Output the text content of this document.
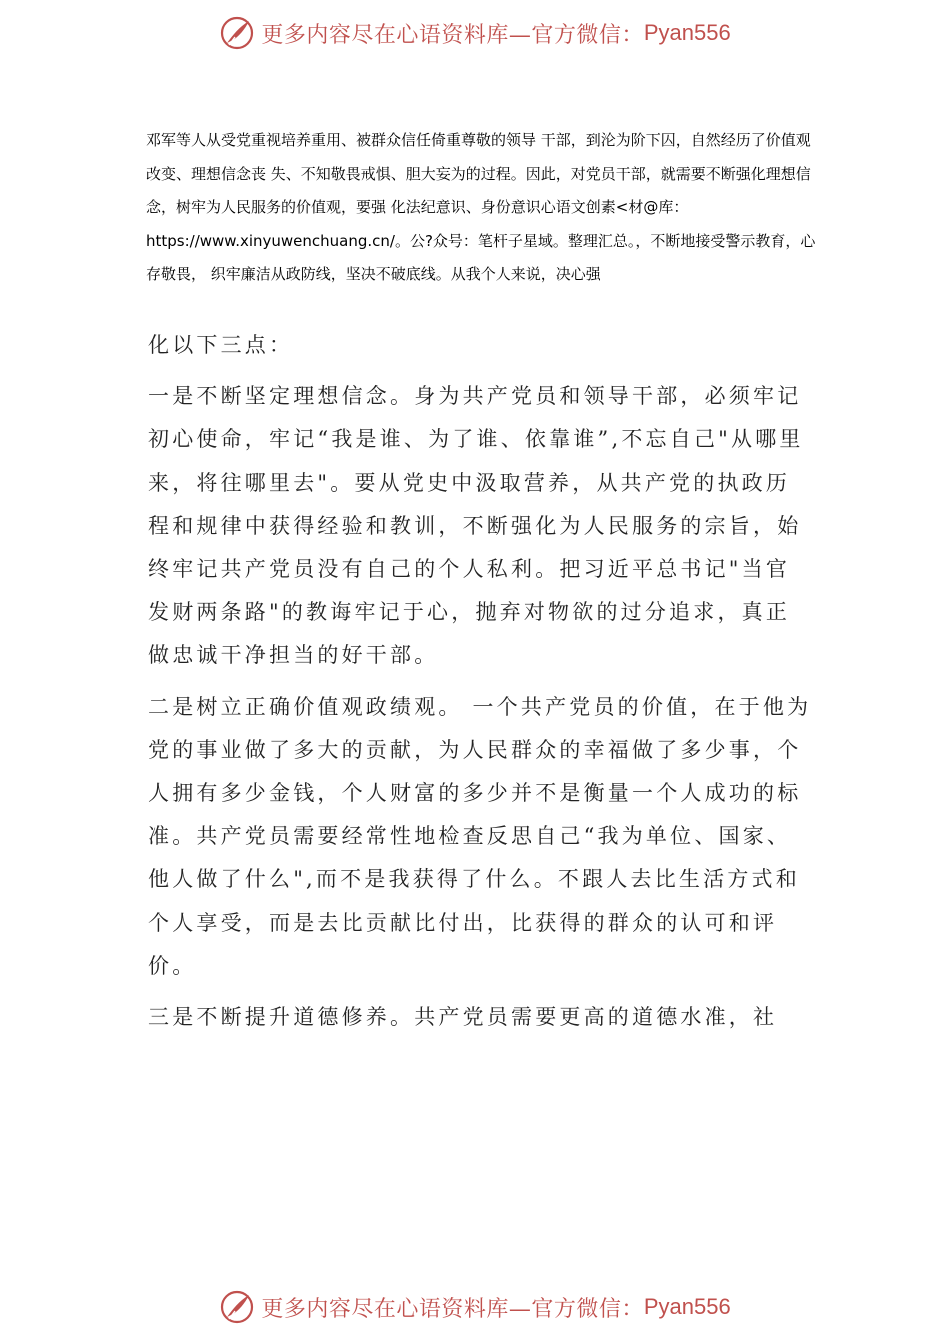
更多内容尽在心语资料库—官方微信： Pyan556

邓军等人从受党重视培养重用、被群众信任倚重尊敬的领导 干部，到沦为阶下囚，自然经历了价值观改变、理想信念丧 失、不知敬畏戒惧、胆大妄为的过程。因此，对党员干部，就需要不断强化理想信念，树牢为人民服务的价值观，要强 化法纪意识、身份意识心语文创素<材@库：https://www.xinyuwenchuang.cn/。公?众号：笔杆子星域。整理汇总。，不断地接受警示教育，心存敬畏， 织牢廉洁从政防线，坚决不破底线。从我个人来说，决心强

化以下三点：

一是不断坚定理想信念。身为共产党员和领导干部，必须牢记初心使命，牢记“我是谁、为了谁、依靠谁”,不忘自己"从哪里来，将往哪里去"。要从党史中汲取营养，从共产党的执政历程和规律中获得经验和教训，不断强化为人民服务的宗旨，始终牢记共产党员没有自己的个人私利。把习近平总书记"当官发财两条路"的教诲牢记于心，抛弃对物欲的过分追求，真正做忠诚干净担当的好干部。

二是树立正确价值观政绩观。 一个共产党员的价值，在于他为党的事业做了多大的贡献，为人民群众的幸福做了多少事，个人拥有多少金钱，个人财富的多少并不是衡量一个人成功的标准。共产党员需要经常性地检查反思自己“我为单位、国家、他人做了什么",而不是我获得了什么。不跟人去比生活方式和个人享受，而是去比贡献比付出，比获得的群众的认可和评价。

三是不断提升道德修养。共产党员需要更高的道德水准，社

更多内容尽在心语资料库—官方微信： Pyan556
